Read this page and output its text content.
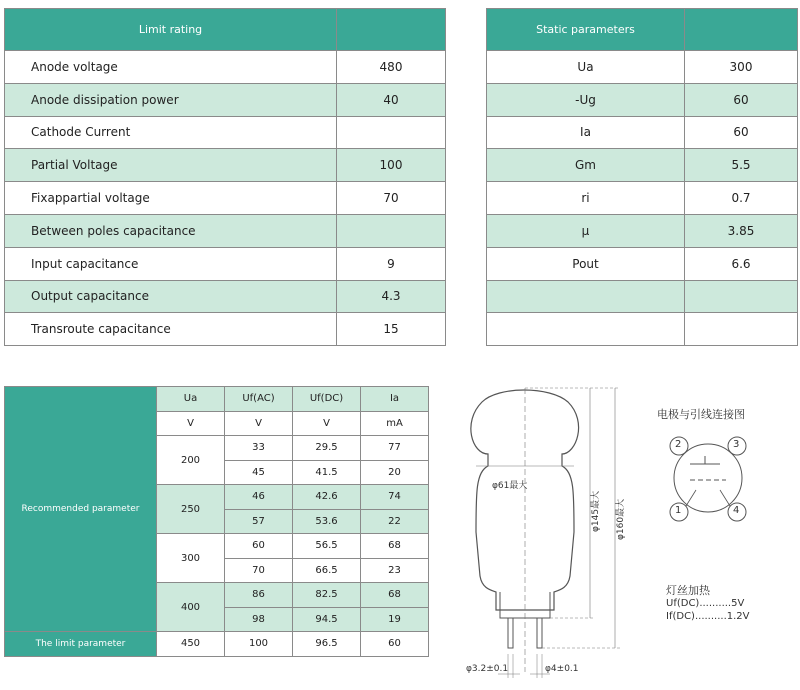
Limit rating	
Anode voltage	480
Anode dissipation power	40
Cathode Current	
Partial Voltage	100
Fixappartial voltage	70
Between poles capacitance	
Input capacitance	9
Output capacitance	4.3
Transroute capacitance	15
Static parameters	
Ua	300
-Ug	60
Ia	60
Gm	5.5
ri	0.7
μ	3.85
Pout	6.6

Recommended parameter	Ua	Uf(AC)	Uf(DC)	Ia
	V	V	V	mA
	200	33	29.5	77
		45	41.5	20
	250	46	42.6	74
		57	53.6	22
	300	60	56.5	68
		70	66.5	23
	400	86	82.5	68
		98	94.5	19
The limit parameter	450	100	96.5	60
φ61最大
φ145最大	φ160最大
φ3.2±0.1	φ4±0.1
电极与引线连接图
2	3
1	4
灯丝加热
Uf(DC)..........5V
If(DC)..........1.2V
